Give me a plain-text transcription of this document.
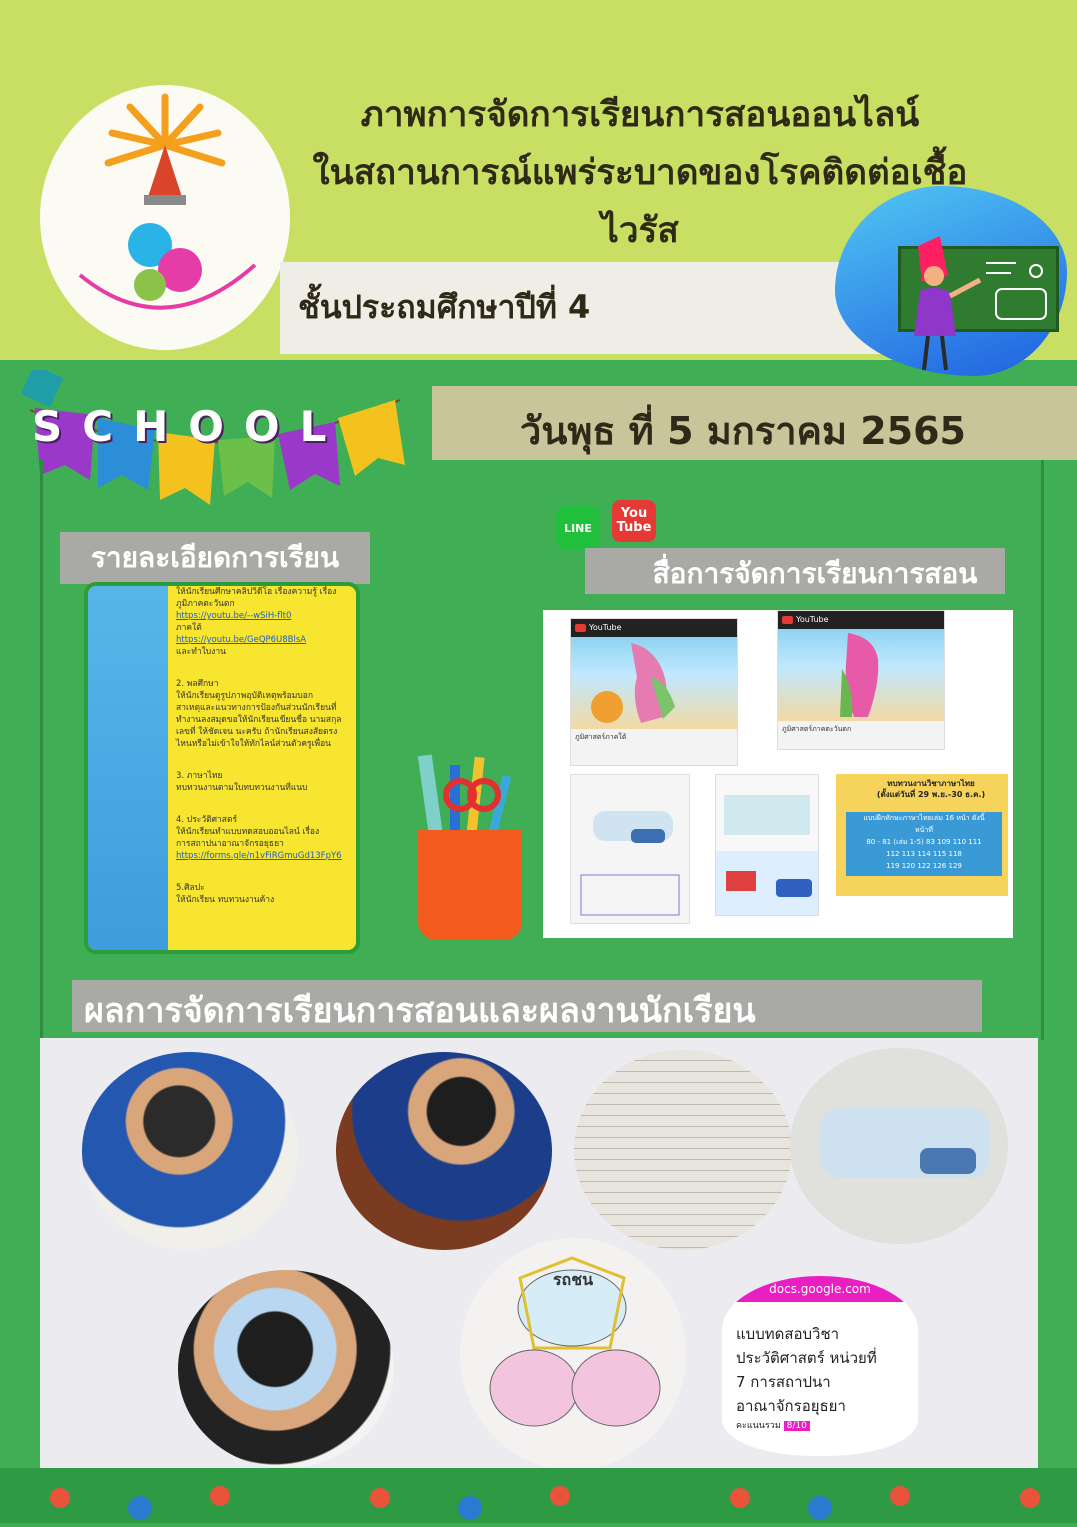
ภาพการจัดการเรียนการสอนออนไลน์
ในสถานการณ์แพร่ระบาดของโรคติดต่อเชื้อไวรัส
ชั้นประถมศึกษาปีที่ 4
SCHOOL	วันพุธ ที่ 5 มกราคม 2565
รายละเอียดการเรียน
ให้นักเรียนศึกษาคลิปวิดีโอ เรื่องความรู้ เรื่อง ภูมิภาคตะวันตก
https://youtu.be/--wSiH-flt0
ภาคใต้
https://youtu.be/GeQP6U8BlsA
และทำใบงาน
2. พลศึกษา
ให้นักเรียนดูรูปภาพอุบัติเหตุพร้อมบอก
สาเหตุและแนวทางการป้องกันส่วนนักเรียนที่
ทำงานลงสมุดขอให้นักเรียนเขียนชื่อ นามสกุล
เลขที่ ให้ชัดเจน นะครับ ถ้านักเรียนสงสัยตรง
ไหนหรือไม่เข้าใจให้ทักไลน์ส่วนตัวครูเพื่อน
3. ภาษาไทย
ทบทวนงานตามใบทบทวนงานที่แนบ
4. ประวัติศาสตร์
ให้นักเรียนทำแบบทดสอบออนไลน์ เรื่อง
การสถาปนาอาณาจักรอยุธยา
https://forms.gle/n1vFiRGmuGd13FpY6
5.ศิลปะ
ให้นักเรียน ทบทวนงานค้าง
LINE
You
Tube
สื่อการจัดการเรียนการสอน
YouTube
ภูมิศาสตร์ภาคใต้
YouTube
ภูมิศาสตร์ภาคตะวันตก
ทบทวนงานวิชาภาษาไทย
(ตั้งแต่วันที่ 29 พ.ย.-30 ธ.ค.)
แบบฝึกทักษะภาษาไทยเล่ม 16 หน้า ดังนี้
หน้าที่
80 - 81 (เล่ม 1-5) 83 109 110 111
112 113 114 115 118
119 120 122 126 129
ผลการจัดการเรียนการสอนและผลงานนักเรียน
รถชน	docs.google.com
แบบทดสอบวิชา
ประวัติศาสตร์ หน่วยที่
7 การสถาปนา
อาณาจักรอยุธยา
คะแนนรวม 8/10
